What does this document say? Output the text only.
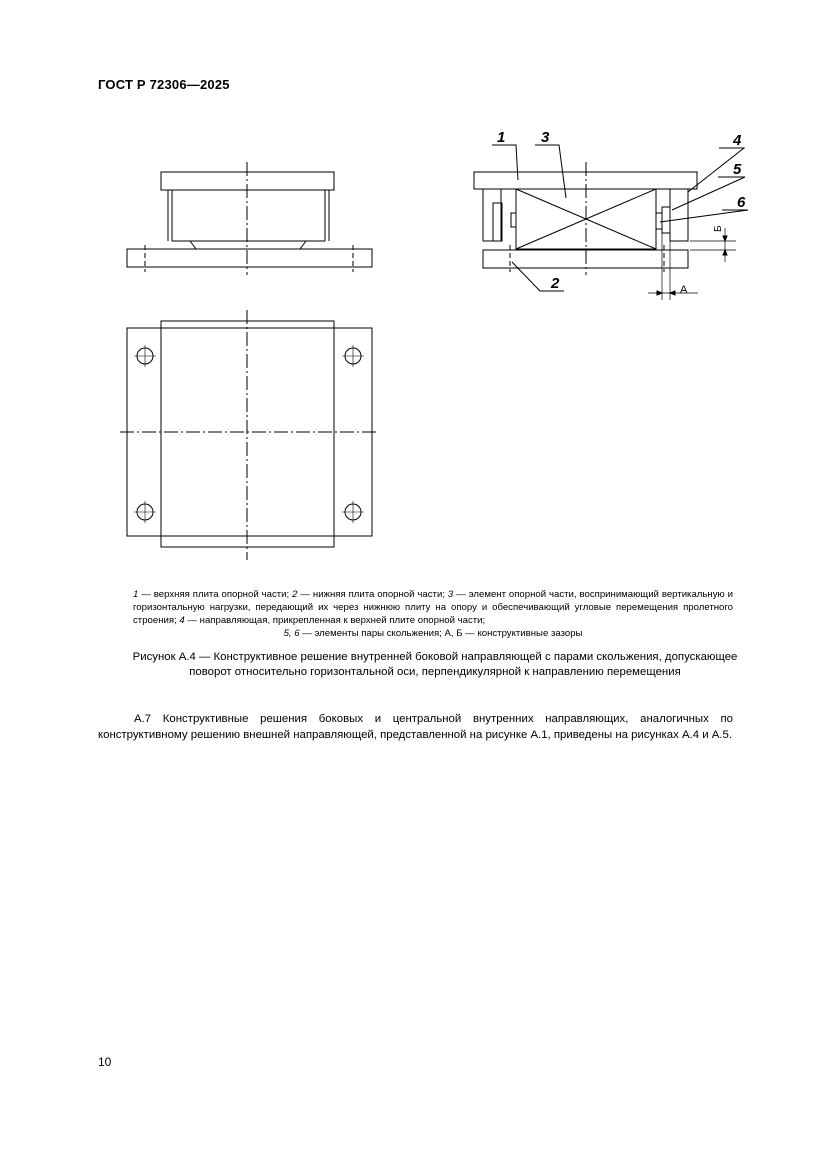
ГОСТ Р 72306—2025
1 3	4
5
6
2	А
Б

1 — верхняя плита опорной части; 2 — нижняя плита опорной части; 3 — элемент опорной части, воспринимающий вертикальную и горизонтальную нагрузки, передающий их через нижнюю плиту на опору и обеспечивающий угловые перемещения пролетного строения; 4 — направляющая, прикрепленная к верхней плите опорной части;

5, 6 — элементы пары скольжения; А, Б — конструктивные зазоры

Рисунок А.4 — Конструктивное решение внутренней боковой направляющей с парами скольжения, допускающее поворот относительно горизонтальной оси, перпендикулярной к направлению перемещения
А.7 Конструктивные решения боковых и центральной внутренних направляющих, аналогичных по конструктивному решению внешней направляющей, представленной на рисунке А.1, приведены на рисунках А.4 и А.5.
10
